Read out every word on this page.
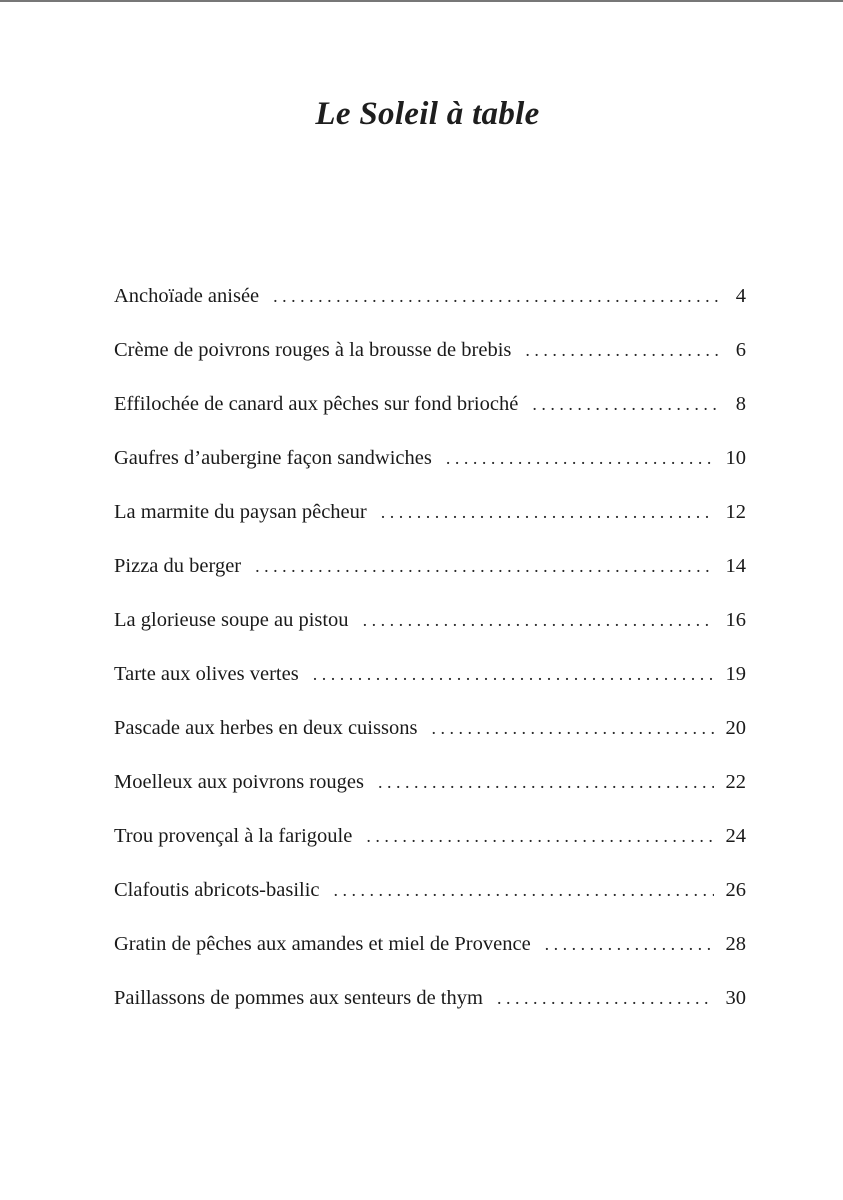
Le Soleil à table
Anchoïade anisée . . .	4
Crème de poivrons rouges à la brousse de brebis . . .	6
Effilochée de canard aux pêches sur fond brioché . . .	8
Gaufres d’aubergine façon sandwiches . . .	10
La marmite du paysan pêcheur . . .	12
Pizza du berger . . .	14
La glorieuse soupe au pistou . . .	16
Tarte aux olives vertes . . .	19
Pascade aux herbes en deux cuissons . . .	20
Moelleux aux poivrons rouges . . .	22
Trou provençal à la farigoule . . .	24
Clafoutis abricots-basilic . . .	26
Gratin de pêches aux amandes et miel de Provence . . .	28
Paillassons de pommes aux senteurs de thym . . .	30
